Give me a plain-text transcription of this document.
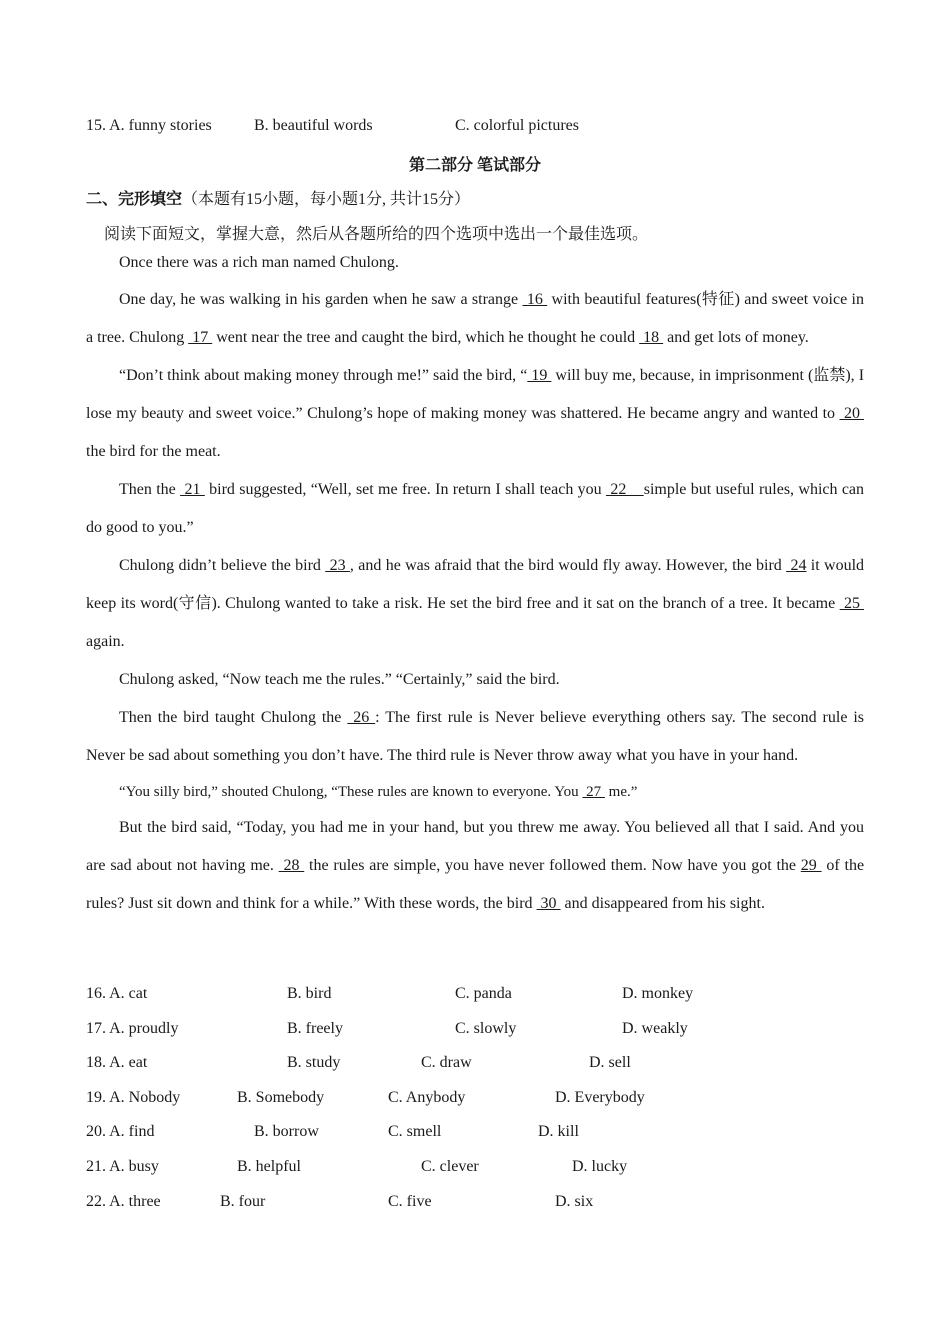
15. A. funny stories	B. beautiful words	C. colorful pictures
第二部分 笔试部分
二、完形填空（本题有15小题，每小题1分, 共计15分）
阅读下面短文，掌握大意，然后从各题所给的四个选项中选出一个最佳选项。

Once there was a rich man named Chulong.

One day, he was walking in his garden when he saw a strange  16  with beautiful features(特征) and sweet voice in a tree. Chulong  17  went near the tree and caught the bird, which he thought he could  18  and get lots of money.

“Don’t think about making money through me!” said the bird, “ 19  will buy me, because, in imprisonment (监禁), I lose my beauty and sweet voice.” Chulong’s hope of making money was shattered. He became angry and wanted to  20  the bird for the meat.

Then the  21  bird suggested, “Well, set me free. In return I shall teach you  22    simple but useful rules, which can do good to you.”

Chulong didn’t believe the bird  23 , and he was afraid that the bird would fly away. However, the bird  24 it would keep its word(守信). Chulong wanted to take a risk. He set the bird free and it sat on the branch of a tree. It became  25  again.

Chulong asked, “Now teach me the rules.” “Certainly,” said the bird.

Then the bird taught Chulong the  26 : The first rule is Never believe everything others say. The second rule is Never be sad about something you don’t have. The third rule is Never throw away what you have in your hand.

“You silly bird,” shouted Chulong, “These rules are known to everyone. You  27  me.”

But the bird said, “Today, you had me in your hand, but you threw me away. You believed all that I said. And you are sad about not having me.  28  the rules are simple, you have never followed them. Now have you got the 29  of the rules? Just sit down and think for a while.” With these words, the bird  30  and disappeared from his sight.

16. A. cat	B. bird	C. panda	D. monkey
17. A. proudly	B. freely	C. slowly	D. weakly
18. A. eat	B. study	C. draw	D. sell
19. A. Nobody	B. Somebody	C. Anybody	D. Everybody
20. A. find	B. borrow	C. smell	D. kill
21. A. busy	B. helpful	C. clever	D. lucky
22. A. three	B. four	C. five	D. six
